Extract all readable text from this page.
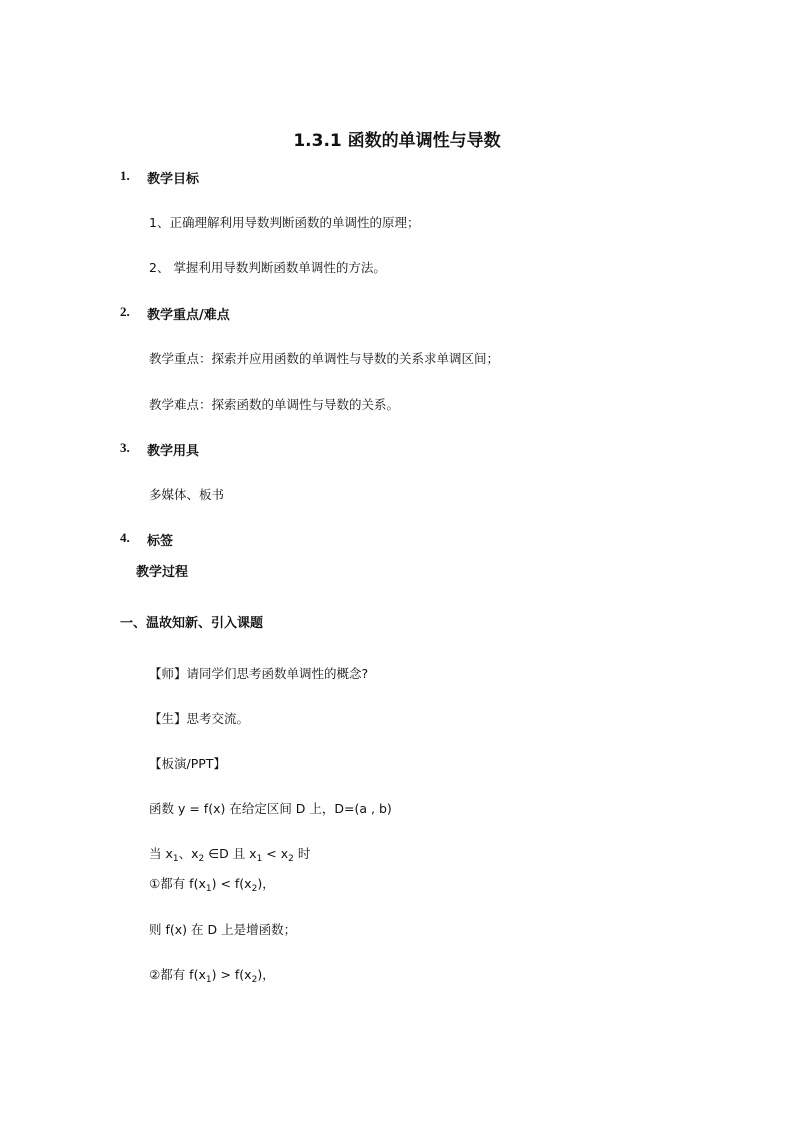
1.3.1 函数的单调性与导数
1. 教学目标
1、正确理解利用导数判断函数的单调性的原理；
2、 掌握利用导数判断函数单调性的方法。
2. 教学重点/难点
教学重点：探索并应用函数的单调性与导数的关系求单调区间；
教学难点：探索函数的单调性与导数的关系。
3. 教学用具
多媒体、板书
4. 标签
教学过程
一、温故知新、引入课题
【师】请同学们思考函数单调性的概念?
【生】思考交流。
【板演/PPT】
函数 y = f(x) 在给定区间 D 上，D=(a , b)
当 $x_1$、$x_2$ ∈D 且 $x_1 < x_2$ 时
①都有 $f(x_1) < f(x_2)$，
则 f(x) 在 D 上是增函数；
②都有 $f(x_1) > f(x_2)$，
